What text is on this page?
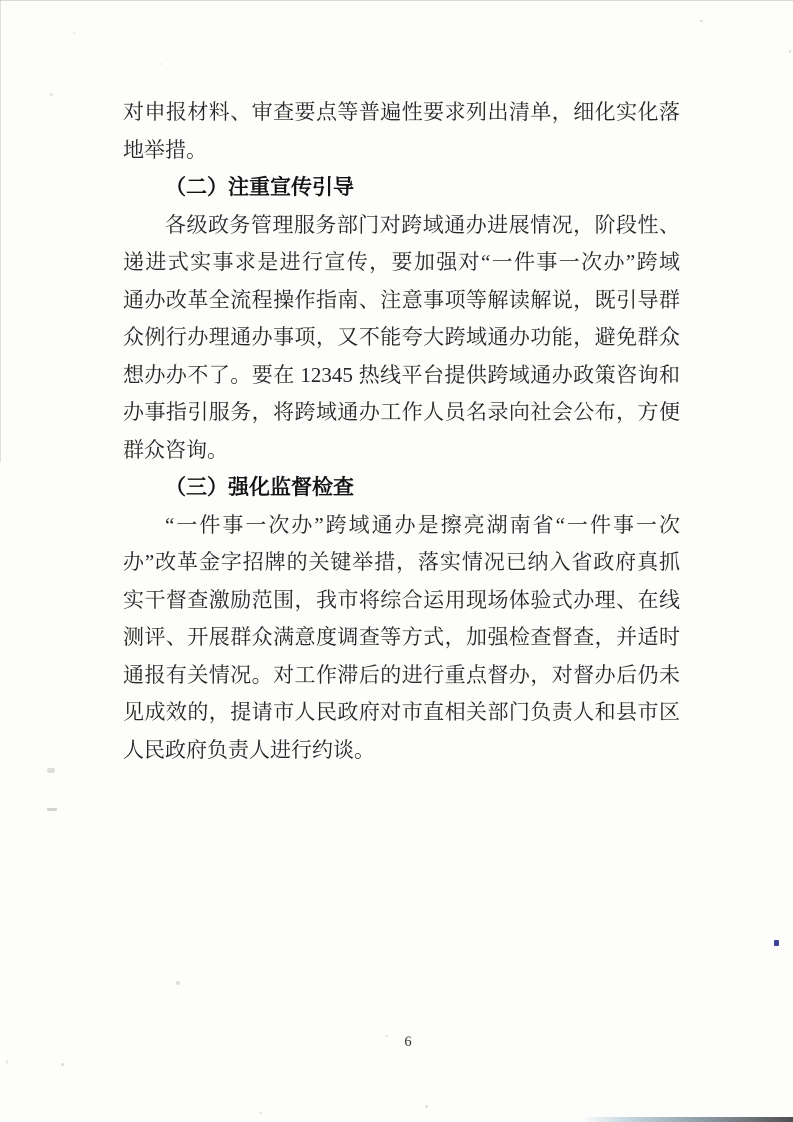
对申报材料、审查要点等普遍性要求列出清单，细化实化落
地举措。
（二）注重宣传引导
各级政务管理服务部门对跨域通办进展情况，阶段性、
递进式实事求是进行宣传，要加强对“一件事一次办”跨域
通办改革全流程操作指南、注意事项等解读解说，既引导群
众例行办理通办事项，又不能夸大跨域通办功能，避免群众
想办办不了。要在 12345 热线平台提供跨域通办政策咨询和
办事指引服务，将跨域通办工作人员名录向社会公布，方便
群众咨询。
（三）强化监督检查
“一件事一次办”跨域通办是擦亮湖南省“一件事一次
办”改革金字招牌的关键举措，落实情况已纳入省政府真抓
实干督查激励范围，我市将综合运用现场体验式办理、在线
测评、开展群众满意度调查等方式，加强检查督查，并适时
通报有关情况。对工作滞后的进行重点督办，对督办后仍未
见成效的，提请市人民政府对市直相关部门负责人和县市区
人民政府负责人进行约谈。
6
